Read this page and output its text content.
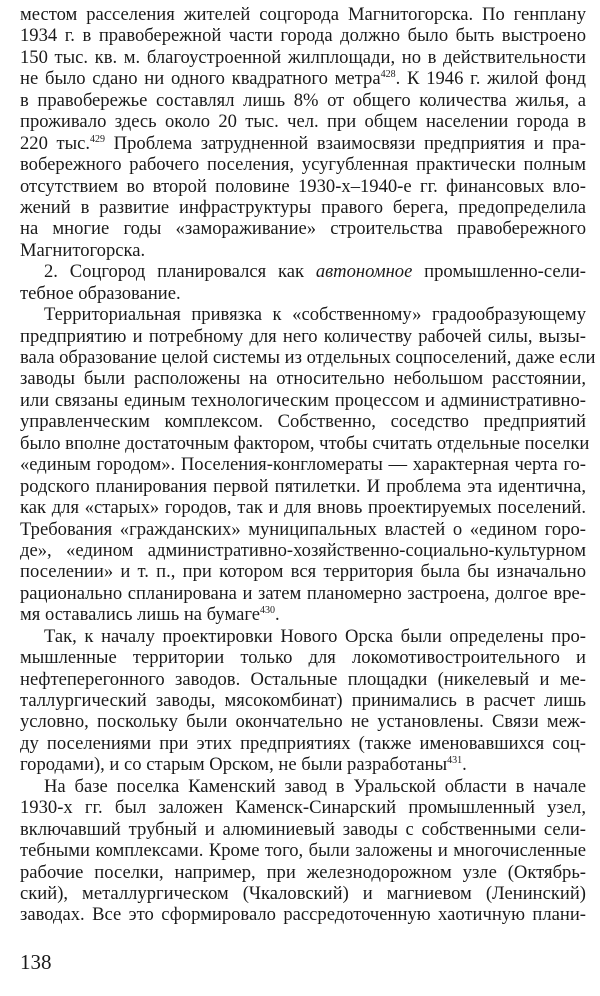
местом расселения жителей соцгорода Магнитогорска. По генплану
1934 г. в правобережной части города должно было быть выстроено
150 тыс. кв. м. благоустроенной жилплощади, но в действительности
не было сдано ни одного квадратного метра$^{428}$. К 1946 г. жилой фонд
в правобережье составлял лишь 8% от общего количества жилья, а
проживало здесь около 20 тыс. чел. при общем населении города в
220 тыс.$^{429}$ Проблема затрудненной взаимосвязи предприятия и пра-
вобережного рабочего поселения, усугубленная практически полным
отсутствием во второй половине 1930-х–1940-е гг. финансовых вло-
жений в развитие инфраструктуры правого берега, предопределила
на многие годы «замораживание» строительства правобережного
Магнитогорска.
2. Соцгород планировался как автономное промышленно-сели-
тебное образование.
Территориальная привязка к «собственному» градообразующему
предприятию и потребному для него количеству рабочей силы, вызы-
вала образование целой системы из отдельных соцпоселений, даже если
заводы были расположены на относительно небольшом расстоянии,
или связаны единым технологическим процессом и административно-
управленческим комплексом. Собственно, соседство предприятий
было вполне достаточным фактором, чтобы считать отдельные поселки
«единым городом». Поселения-конгломераты — характерная черта го-
родского планирования первой пятилетки. И проблема эта идентична,
как для «старых» городов, так и для вновь проектируемых поселений.
Требования «гражданских» муниципальных властей о «едином горо-
де», «едином административно-хозяйственно-социально-культурном
поселении» и т. п., при котором вся территория была бы изначально
рационально спланирована и затем планомерно застроена, долгое вре-
мя оставались лишь на бумаге$^{430}$.
Так, к началу проектировки Нового Орска были определены про-
мышленные территории только для локомотивостроительного и
нефтеперегонного заводов. Остальные площадки (никелевый и ме-
таллургический заводы, мясокомбинат) принимались в расчет лишь
условно, поскольку были окончательно не установлены. Связи меж-
ду поселениями при этих предприятиях (также именовавшихся соц-
городами), и со старым Орском, не были разработаны$^{431}$.
На базе поселка Каменский завод в Уральской области в начале
1930-х гг. был заложен Каменск-Синарский промышленный узел,
включавший трубный и алюминиевый заводы с собственными сели-
тебными комплексами. Кроме того, были заложены и многочисленные
рабочие поселки, например, при железнодорожном узле (Октябрь-
ский), металлургическом (Чкаловский) и магниевом (Ленинский)
заводах. Все это сформировало рассредоточенную хаотичную плани-
138
